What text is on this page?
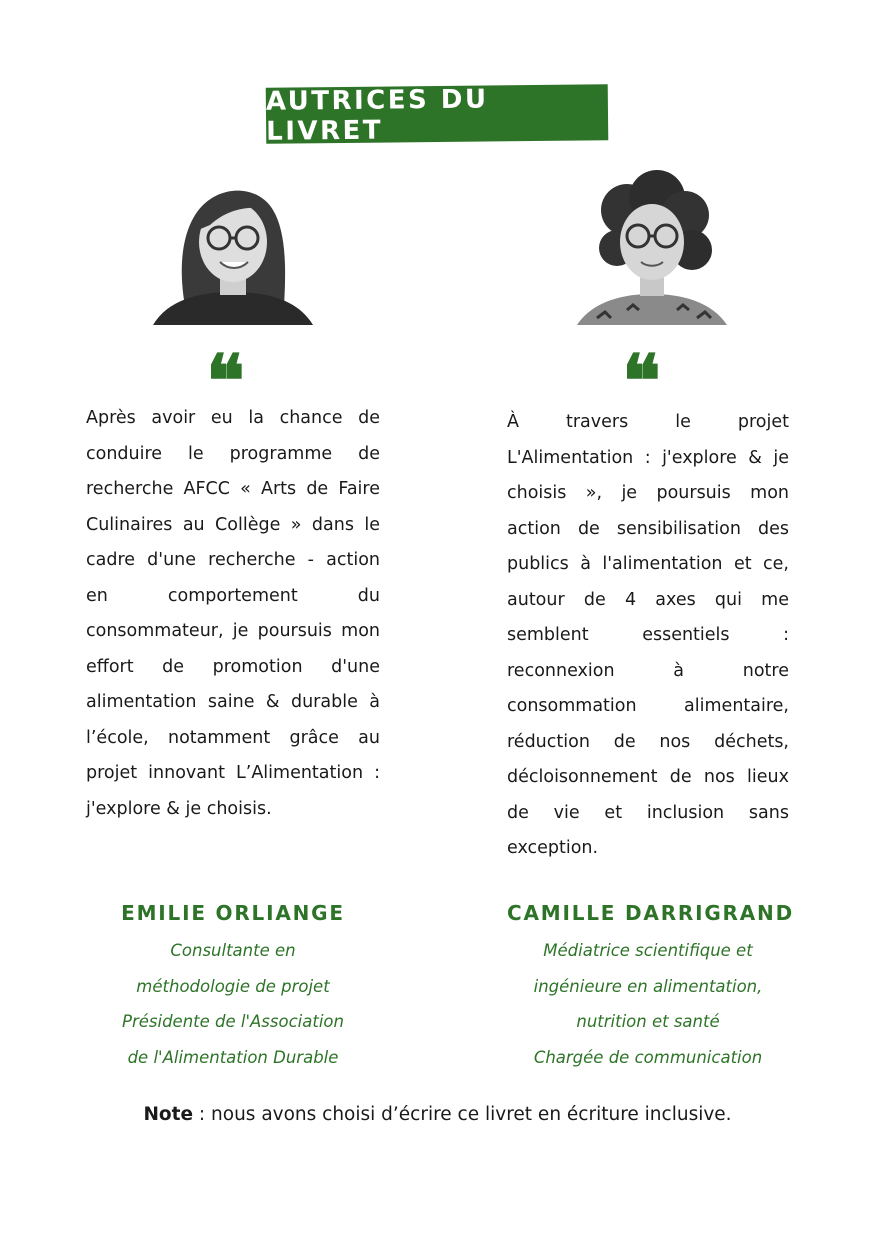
AUTRICES DU LIVRET
❝
Après avoir eu la chance de conduire le programme de recherche AFCC « Arts de Faire Culinaires au Collège » dans le cadre d'une recherche - action en comportement du consommateur, je poursuis mon effort de promotion d'une alimentation saine & durable à l’école, notamment grâce au projet innovant L’Alimentation : j'explore & je choisis.
EMILIE ORLIANGE
Consultante en
méthodologie de projet
Présidente de l'Association
de l'Alimentation Durable
❝
À travers le projet L'Alimentation : j'explore & je choisis », je poursuis mon action de sensibilisation des publics à l'alimentation et ce, autour de 4 axes qui me semblent essentiels : reconnexion à notre consommation alimentaire, réduction de nos déchets, décloisonnement de nos lieux de vie et inclusion sans exception.
CAMILLE DARRIGRAND
Médiatrice scientifique et
ingénieure en alimentation,
nutrition et santé
Chargée de communication
Note : nous avons choisi d’écrire ce livret en écriture inclusive.
